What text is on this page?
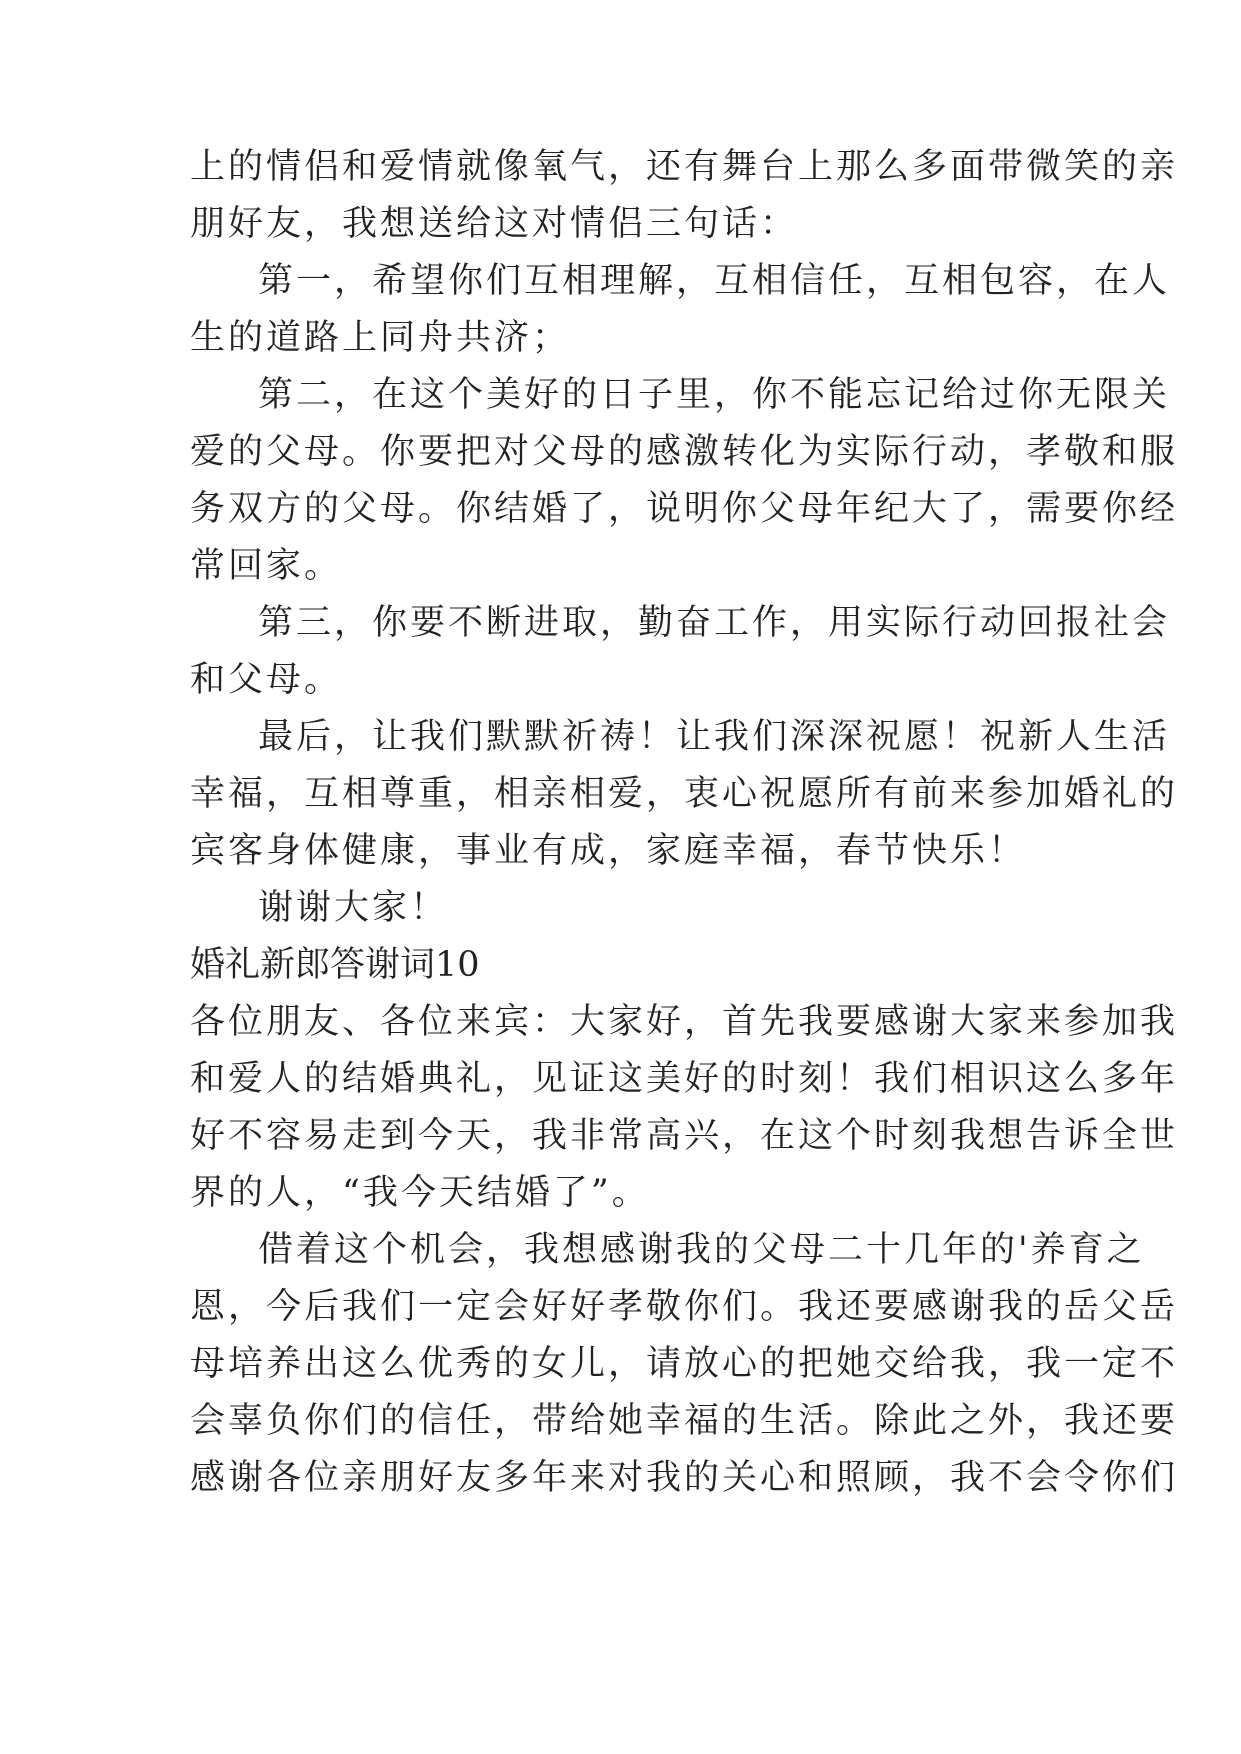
上的情侣和爱情就像氧气，还有舞台上那么多面带微笑的亲
朋好友，我想送给这对情侣三句话：
第一，希望你们互相理解，互相信任，互相包容，在人
生的道路上同舟共济；
第二，在这个美好的日子里，你不能忘记给过你无限关
爱的父母。你要把对父母的感激转化为实际行动，孝敬和服
务双方的父母。你结婚了，说明你父母年纪大了，需要你经
常回家。
第三，你要不断进取，勤奋工作，用实际行动回报社会
和父母。
最后，让我们默默祈祷！让我们深深祝愿！祝新人生活
幸福，互相尊重，相亲相爱，衷心祝愿所有前来参加婚礼的
宾客身体健康，事业有成，家庭幸福，春节快乐！
谢谢大家！
婚礼新郎答谢词10
各位朋友、各位来宾：大家好，首先我要感谢大家来参加我
和爱人的结婚典礼，见证这美好的时刻！我们相识这么多年
好不容易走到今天，我非常高兴，在这个时刻我想告诉全世
界的人，“我今天结婚了”。
借着这个机会，我想感谢我的父母二十几年的'养育之
恩，今后我们一定会好好孝敬你们。我还要感谢我的岳父岳
母培养出这么优秀的女儿，请放心的把她交给我，我一定不
会辜负你们的信任，带给她幸福的生活。除此之外，我还要
感谢各位亲朋好友多年来对我的关心和照顾，我不会令你们
